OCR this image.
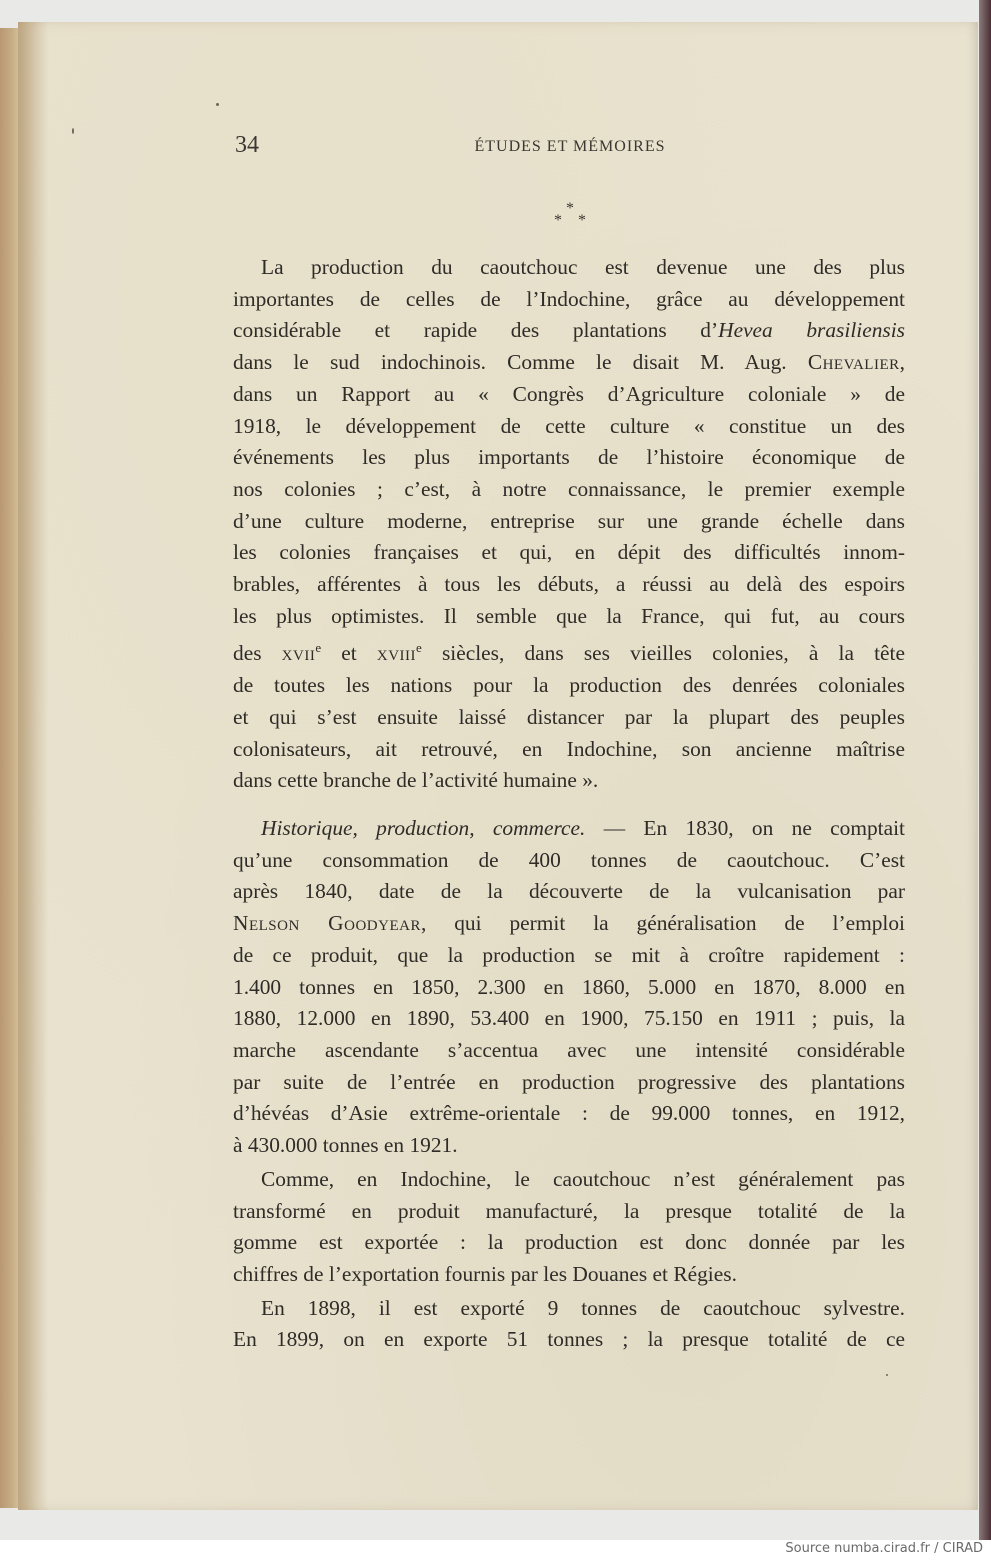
34	ÉTUDES ET MÉMOIRES
*
* *
La production du caoutchouc est devenue une des plus
importantes de celles de l’Indochine, grâce au développement
considérable et rapide des plantations d’Hevea brasiliensis
dans le sud indochinois. Comme le disait M. Aug. Chevalier,
dans un Rapport au « Congrès d’Agriculture coloniale » de
1918, le développement de cette culture « constitue un des
événements les plus importants de l’histoire économique de
nos colonies ; c’est, à notre connaissance, le premier exemple
d’une culture moderne, entreprise sur une grande échelle dans
les colonies françaises et qui, en dépit des difficultés innom-
brables, afférentes à tous les débuts, a réussi au delà des espoirs
les plus optimistes. Il semble que la France, qui fut, au cours
des xvii$^e$ et xviii$^e$ siècles, dans ses vieilles colonies, à la tête
de toutes les nations pour la production des denrées coloniales
et qui s’est ensuite laissé distancer par la plupart des peuples
colonisateurs, ait retrouvé, en Indochine, son ancienne maîtrise
dans cette branche de l’activité humaine ».
Historique, production, commerce. — En 1830, on ne comptait
qu’une consommation de 400 tonnes de caoutchouc. C’est
après 1840, date de la découverte de la vulcanisation par
Nelson Goodyear, qui permit la généralisation de l’emploi
de ce produit, que la production se mit à croître rapidement :
1.400 tonnes en 1850, 2.300 en 1860, 5.000 en 1870, 8.000 en
1880, 12.000 en 1890, 53.400 en 1900, 75.150 en 1911 ; puis, la
marche ascendante s’accentua avec une intensité considérable
par suite de l’entrée en production progressive des plantations
d’hévéas d’Asie extrême-orientale : de 99.000 tonnes, en 1912,
à 430.000 tonnes en 1921.
Comme, en Indochine, le caoutchouc n’est généralement pas
transformé en produit manufacturé, la presque totalité de la
gomme est exportée : la production est donc donnée par les
chiffres de l’exportation fournis par les Douanes et Régies.
En 1898, il est exporté 9 tonnes de caoutchouc sylvestre.
En 1899, on en exporte 51 tonnes ; la presque totalité de ce
Source numba.cirad.fr / CIRAD
